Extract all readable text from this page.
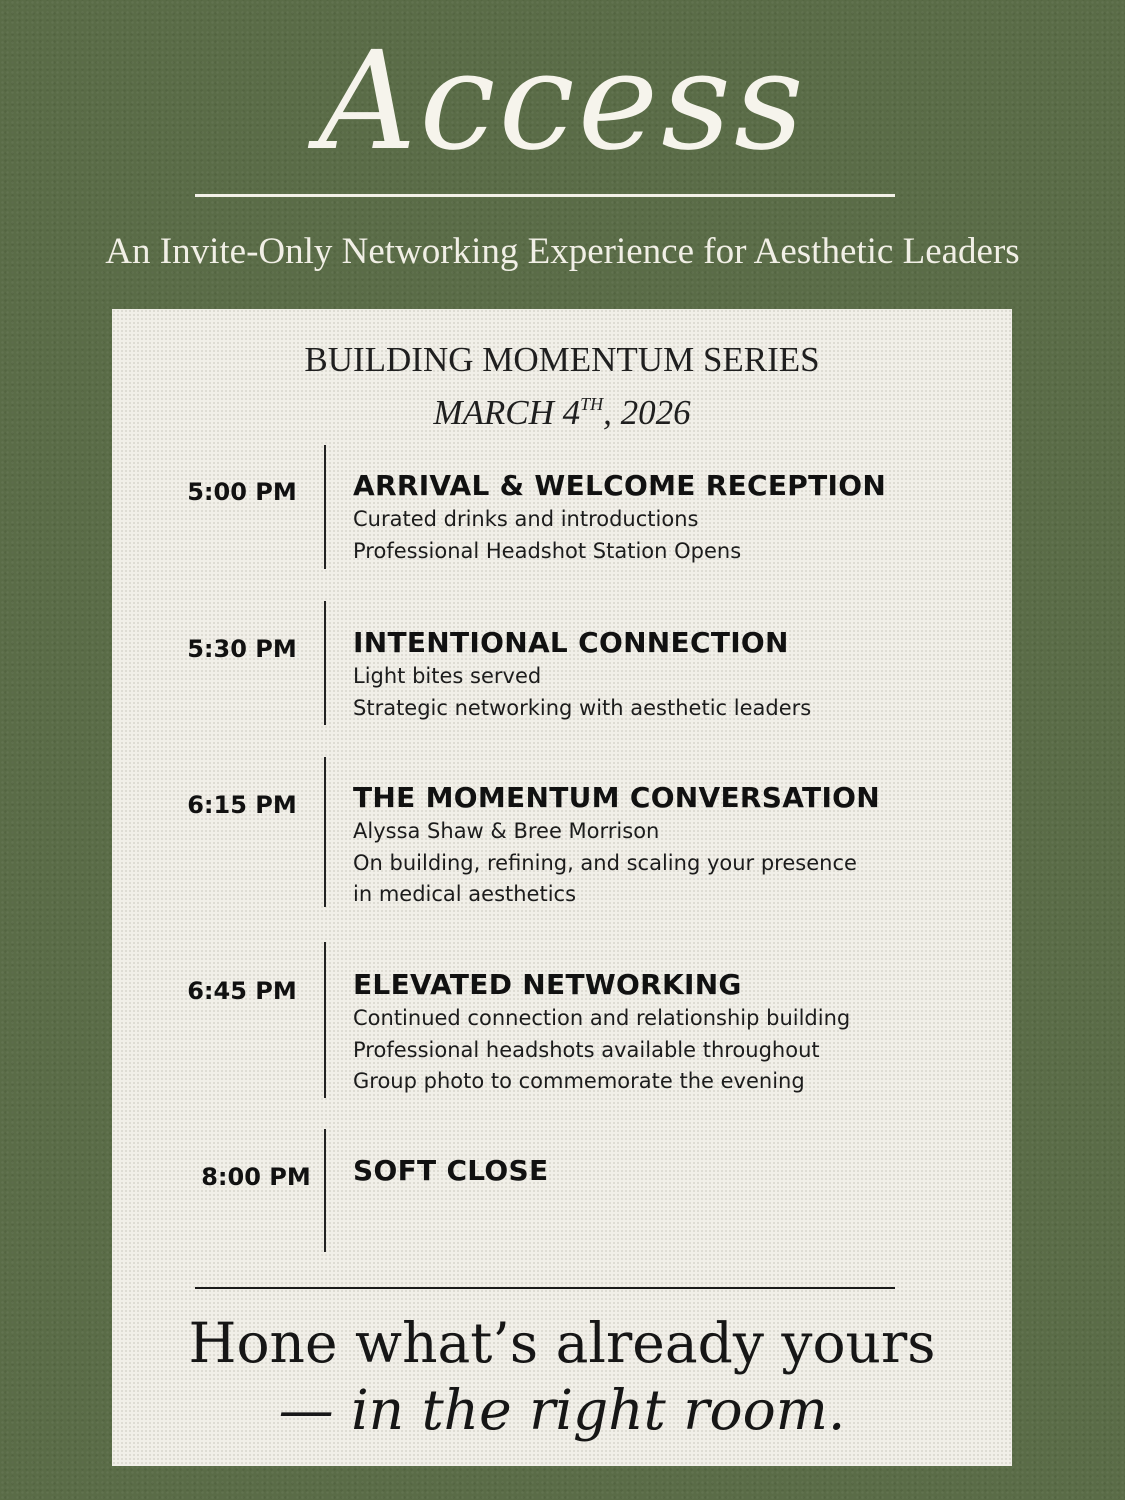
Access
An Invite-Only Networking Experience for Aesthetic Leaders
BUILDING MOMENTUM SERIES
MARCH 4TH, 2026
5:00 PM	ARRIVAL & WELCOME RECEPTION
Curated drinks and introductions
Professional Headshot Station Opens
5:30 PM	INTENTIONAL CONNECTION
Light bites served
Strategic networking with aesthetic leaders
6:15 PM	THE MOMENTUM CONVERSATION
Alyssa Shaw & Bree Morrison
On building, refining, and scaling your presence
in medical aesthetics
6:45 PM	ELEVATED NETWORKING
Continued connection and relationship building
Professional headshots available throughout
Group photo to commemorate the evening
8:00 PM	SOFT CLOSE
Hone what’s already yours
— in the right room.
